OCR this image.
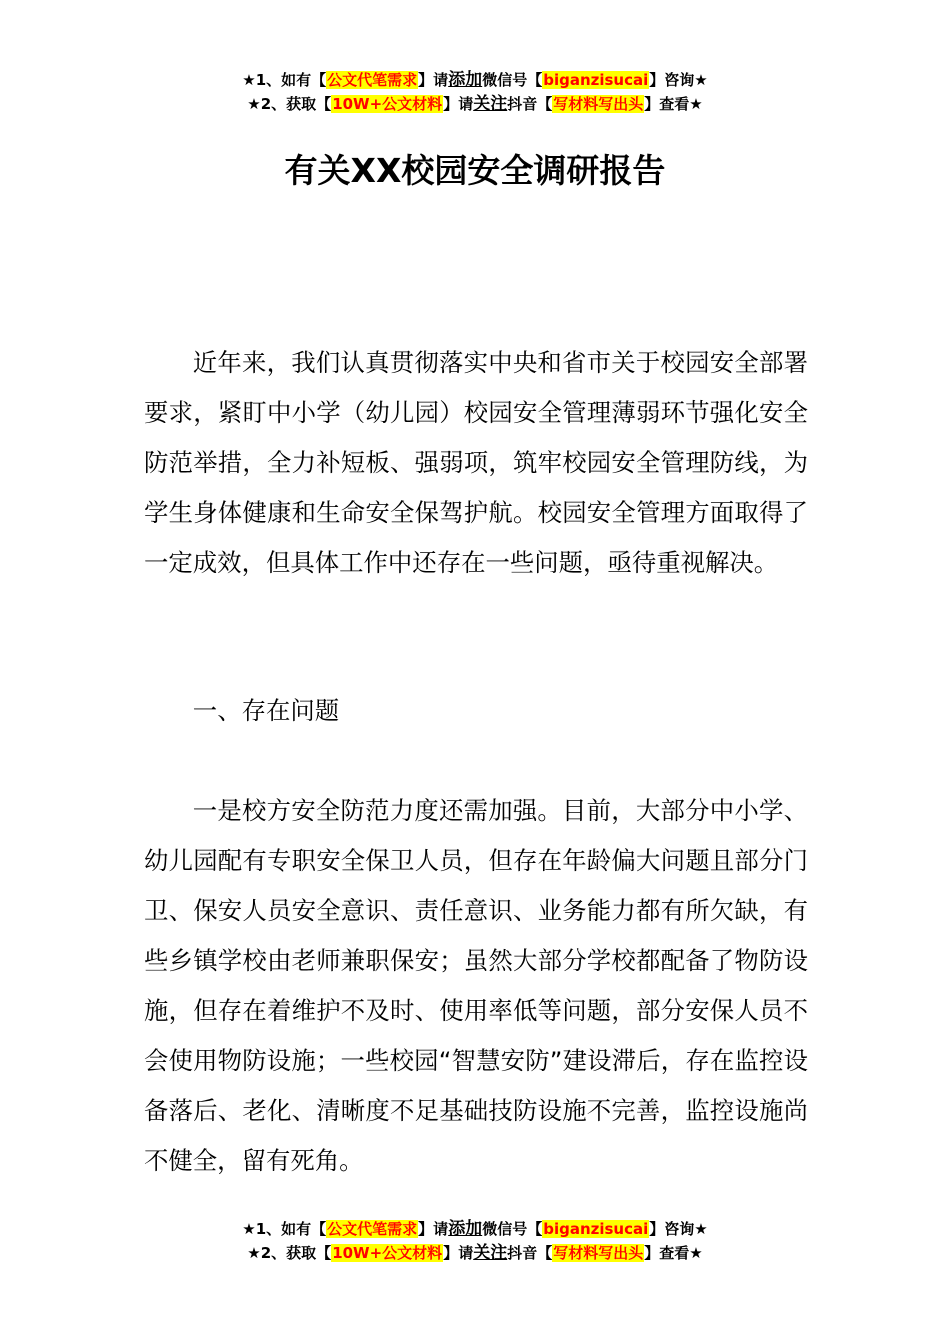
★1、如有【公文代笔需求】请添加微信号【biganzisucai】咨询★
★2、获取【10W+公文材料】请关注抖音【写材料写出头】查看★
有关XX校园安全调研报告

近年来，我们认真贯彻落实中央和省市关于校园安全部署要求，紧盯中小学（幼儿园）校园安全管理薄弱环节强化安全防范举措，全力补短板、强弱项，筑牢校园安全管理防线，为学生身体健康和生命安全保驾护航。校园安全管理方面取得了一定成效，但具体工作中还存在一些问题，亟待重视解决。

一、存在问题

一是校方安全防范力度还需加强。目前，大部分中小学、幼儿园配有专职安全保卫人员，但存在年龄偏大问题且部分门卫、保安人员安全意识、责任意识、业务能力都有所欠缺，有些乡镇学校由老师兼职保安；虽然大部分学校都配备了物防设施，但存在着维护不及时、使用率低等问题，部分安保人员不会使用物防设施；一些校园“智慧安防”建设滞后，存在监控设备落后、老化、清晰度不足基础技防设施不完善，监控设施尚不健全，留有死角。

★1、如有【公文代笔需求】请添加微信号【biganzisucai】咨询★
★2、获取【10W+公文材料】请关注抖音【写材料写出头】查看★
